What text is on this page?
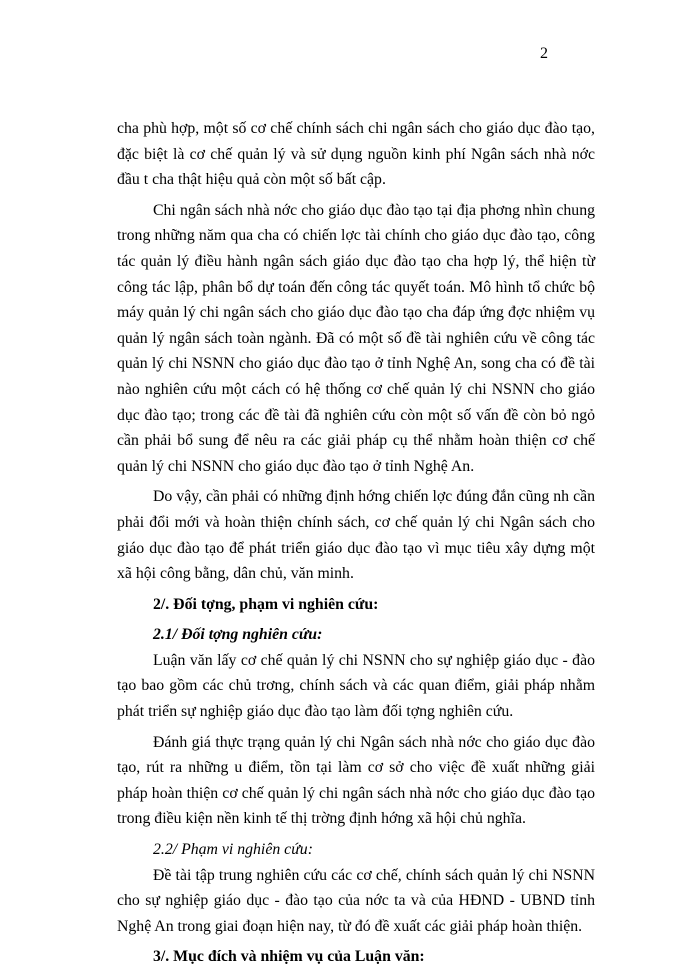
2

cha phù hợp, một số cơ chế chính sách chi ngân sách cho giáo dục đào tạo, đặc biệt là cơ chế quản lý và sử dụng nguồn kinh phí Ngân sách nhà nớc đầu t cha thật hiệu quả còn một số bất cập.

Chi ngân sách nhà nớc cho giáo dục đào tạo tại địa phơng nhìn chung trong những năm qua cha có chiến lợc tài chính cho giáo dục đào tạo, công tác quản lý điều hành ngân sách giáo dục đào tạo cha hợp lý, thể hiện từ công tác lập, phân bổ dự toán đến công tác quyết toán. Mô hình tổ chức bộ máy quản lý chi ngân sách cho giáo dục đào tạo cha đáp ứng đợc nhiệm vụ quản lý ngân sách toàn ngành. Đã có một số đề tài nghiên cứu về công tác quản lý chi NSNN cho giáo dục đào tạo ở tỉnh Nghệ An, song cha có đề tài nào nghiên cứu một cách có hệ thống cơ chế quản lý chi NSNN cho giáo dục đào tạo; trong các đề tài đã nghiên cứu còn một số vấn đề còn bỏ ngỏ cần phải bổ sung để nêu ra các giải pháp cụ thể nhằm hoàn thiện cơ chế quản lý chi NSNN cho giáo dục đào tạo ở tỉnh Nghệ An.

Do vậy, cần phải có những định hớng chiến lợc đúng đắn cũng nh cần phải đổi mới và hoàn thiện chính sách, cơ chế quản lý chi Ngân sách cho giáo dục đào tạo để phát triển giáo dục đào tạo vì mục tiêu xây dựng một xã hội công bằng, dân chủ, văn minh.

2/. Đối tợng, phạm vi nghiên cứu:

2.1/ Đối tợng nghiên cứu:

Luận văn lấy cơ chế quản lý chi NSNN cho sự nghiệp giáo dục - đào tạo bao gồm các chủ trơng, chính sách và các quan điểm, giải pháp nhằm phát triển sự nghiệp giáo dục đào tạo làm đối tợng nghiên cứu.

Đánh giá thực trạng quản lý chi Ngân sách nhà nớc cho giáo dục đào tạo, rút ra những u điểm, tồn tại làm cơ sở cho việc đề xuất những giải pháp hoàn thiện cơ chế quản lý chi ngân sách nhà nớc cho giáo dục đào tạo trong điều kiện nền kinh tế thị trờng định hớng xã hội chủ nghĩa.

2.2/ Phạm vi nghiên cứu:

Đề tài tập trung nghiên cứu các cơ chế, chính sách quản lý chi NSNN cho sự nghiệp giáo dục - đào tạo của nớc ta và của HĐND - UBND tỉnh Nghệ An trong giai đoạn hiện nay, từ đó đề xuất các giải pháp hoàn thiện.

3/. Mục đích và nhiệm vụ của Luận văn:
